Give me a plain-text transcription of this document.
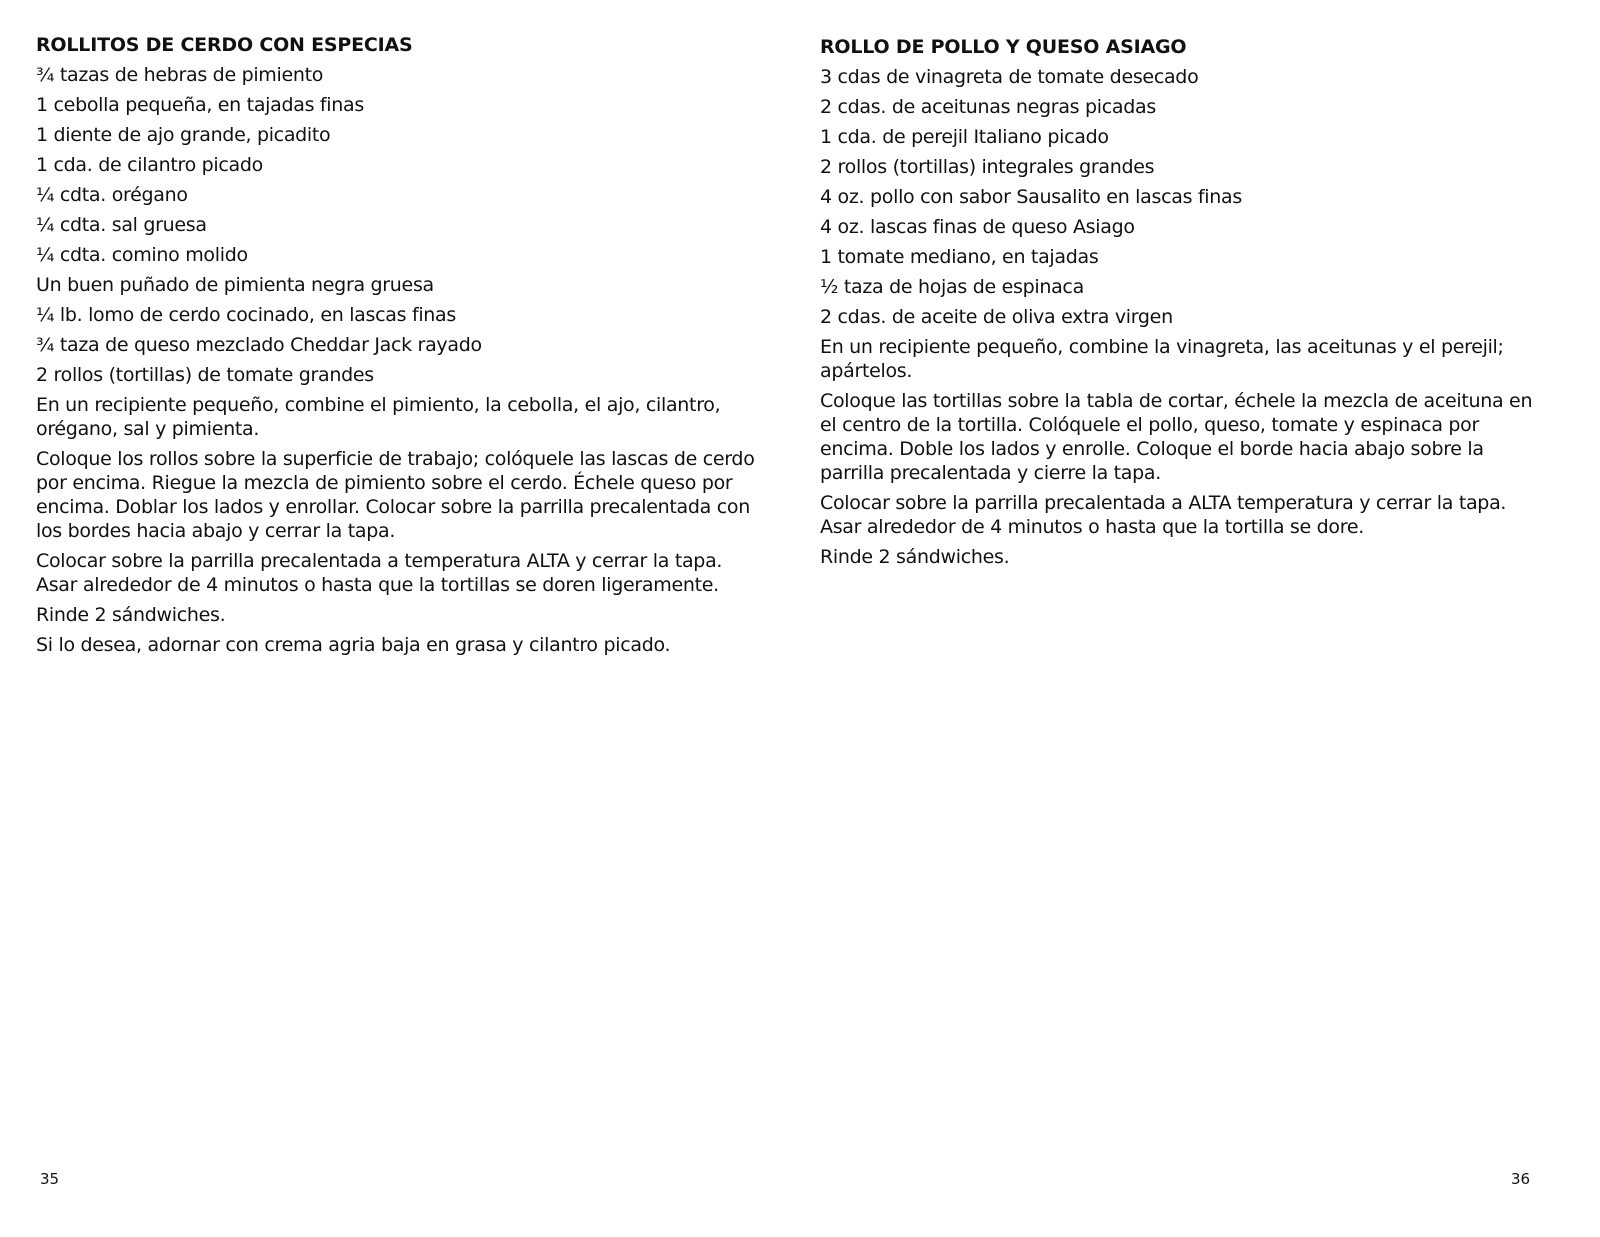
ROLLITOS DE CERDO CON ESPECIAS
¾ tazas de hebras de pimiento
1 cebolla pequeña, en tajadas finas
1 diente de ajo grande, picadito
1 cda. de cilantro picado
¼ cdta. orégano
¼ cdta. sal gruesa
¼ cdta. comino molido
Un buen puñado de pimienta negra gruesa
¼ lb. lomo de cerdo cocinado, en lascas finas
¾ taza de queso mezclado Cheddar Jack rayado
2 rollos (tortillas) de tomate grandes

En un recipiente pequeño, combine el pimiento, la cebolla, el ajo, cilantro, orégano, sal y pimienta.

Coloque los rollos sobre la superficie de trabajo; colóquele las lascas de cerdo por encima. Riegue la mezcla de pimiento sobre el cerdo. Échele queso por encima. Doblar los lados y enrollar. Colocar sobre la parrilla precalentada con los bordes hacia abajo y cerrar la tapa.

Colocar sobre la parrilla precalentada a temperatura ALTA y cerrar la tapa. Asar alrededor de 4 minutos o hasta que la tortillas se doren ligeramente.

Rinde 2 sándwiches.

Si lo desea, adornar con crema agria baja en grasa y cilantro picado.

35
ROLLO DE POLLO Y QUESO ASIAGO
3 cdas de vinagreta de tomate desecado
2 cdas. de aceitunas negras picadas
1 cda. de perejil Italiano picado
2 rollos (tortillas) integrales grandes
4 oz. pollo con sabor Sausalito en lascas finas
4 oz. lascas finas de queso Asiago
1 tomate mediano, en tajadas
½ taza de hojas de espinaca
2 cdas. de aceite de oliva extra virgen

En un recipiente pequeño, combine la vinagreta, las aceitunas y el perejil; apártelos.

Coloque las tortillas sobre la tabla de cortar, échele la mezcla de aceituna en el centro de la tortilla. Colóquele el pollo, queso, tomate y espinaca por encima. Doble los lados y enrolle. Coloque el borde hacia abajo sobre la parrilla precalentada y cierre la tapa.

Colocar sobre la parrilla precalentada a ALTA temperatura y cerrar la tapa. Asar alrededor de 4 minutos o hasta que la tortilla se dore.

Rinde 2 sándwiches.

36
